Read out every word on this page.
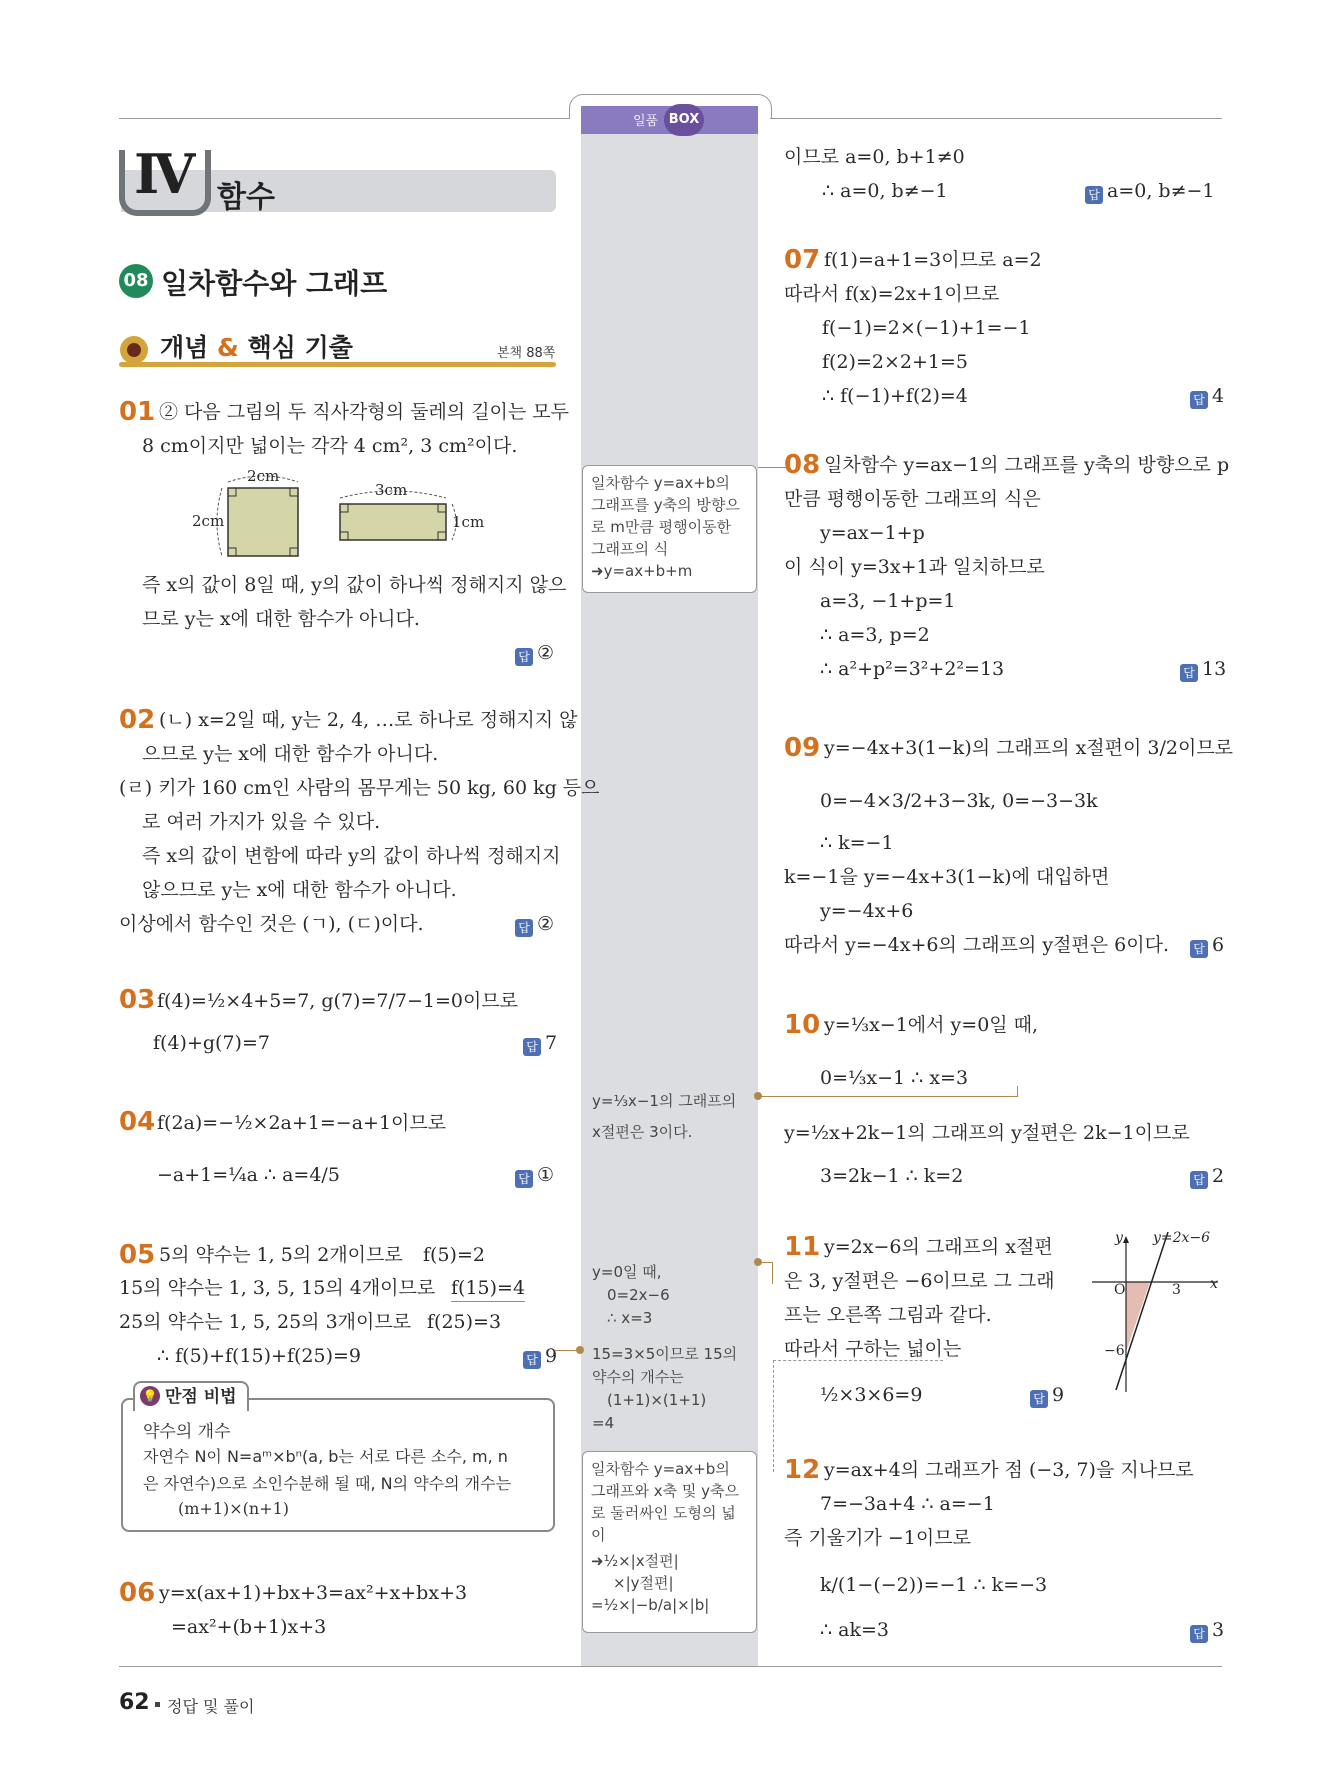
일품 BOX
Ⅳ 함수
08 일차함수와 그래프
개념 & 핵심 기출	본책 88쪽
01 ② 다음 그림의 두 직사각형의 둘레의 길이는 모두
8 cm이지만 넓이는 각각 4 cm², 3 cm²이다.
2cm
2cm
3cm
1cm
즉 x의 값이 8일 때, y의 값이 하나씩 정해지지 않으
므로 y는 x에 대한 함수가 아니다.
답 ②
02 (ㄴ) x=2일 때, y는 2, 4, …로 하나로 정해지지 않
으므로 y는 x에 대한 함수가 아니다.
(ㄹ) 키가 160 cm인 사람의 몸무게는 50 kg, 60 kg 등으
로 여러 가지가 있을 수 있다.
즉 x의 값이 변함에 따라 y의 값이 하나씩 정해지지
않으므로 y는 x에 대한 함수가 아니다.
이상에서 함수인 것은 (ㄱ), (ㄷ)이다.	답 ②
03 f(4)=½×4+5=7, g(7)=7/7−1=0이므로
f(4)+g(7)=7	답 7
04 f(2a)=−½×2a+1=−a+1이므로
−a+1=¼a ∴ a=4/5	답 ①
05 5의 약수는 1, 5의 2개이므로 f(5)=2
15의 약수는 1, 3, 5, 15의 4개이므로 f(15)=4
25의 약수는 1, 5, 25의 3개이므로 f(25)=3
∴ f(5)+f(15)+f(25)=9	답 9
💡 만점 비법
약수의 개수
자연수 N이 N=aᵐ×bⁿ(a, b는 서로 다른 소수, m, n
은 자연수)으로 소인수분해 될 때, N의 약수의 개수는
(m+1)×(n+1)
06 y=x(ax+1)+bx+3=ax²+x+bx+3
=ax²+(b+1)x+3
일차함수 y=ax+b의
그래프를 y축의 방향으
로 m만큼 평행이동한
그래프의 식
➜y=ax+b+m
y=⅓x−1의 그래프의
x절편은 3이다.
y=0일 때,
0=2x−6
∴ x=3
15=3×5이므로 15의
약수의 개수는
(1+1)×(1+1)
=4
일차함수 y=ax+b의
그래프와 x축 및 y축으
로 둘러싸인 도형의 넓이
➜½×|x절편|
×|y절편|
=½×|−b/a|×|b|
이므로 a=0, b+1≠0
∴ a=0, b≠−1	답 a=0, b≠−1
07 f(1)=a+1=3이므로 a=2
따라서 f(x)=2x+1이므로
f(−1)=2×(−1)+1=−1
f(2)=2×2+1=5
∴ f(−1)+f(2)=4	답 4
08 일차함수 y=ax−1의 그래프를 y축의 방향으로 p
만큼 평행이동한 그래프의 식은
y=ax−1+p
이 식이 y=3x+1과 일치하므로
a=3, −1+p=1
∴ a=3, p=2
∴ a²+p²=3²+2²=13	답 13
09 y=−4x+3(1−k)의 그래프의 x절편이 3/2이므로
0=−4×3/2+3−3k, 0=−3−3k
∴ k=−1
k=−1을 y=−4x+3(1−k)에 대입하면
y=−4x+6
따라서 y=−4x+6의 그래프의 y절편은 6이다. 답 6
10 y=⅓x−1에서 y=0일 때,
0=⅓x−1 ∴ x=3
y=½x+2k−1의 그래프의 y절편은 2k−1이므로
3=2k−1 ∴ k=2	답 2
11 y=2x−6의 그래프의 x절편
은 3, y절편은 −6이므로 그 그래
프는 오른쪽 그림과 같다.
따라서 구하는 넓이는
½×3×6=9	답 9
y
x
O
y=2x−6
3
−6
12 y=ax+4의 그래프가 점 (−3, 7)을 지나므로
7=−3a+4 ∴ a=−1
즉 기울기가 −1이므로
k/(1−(−2))=−1 ∴ k=−3
∴ ak=3	답 3
62 정답 및 풀이
